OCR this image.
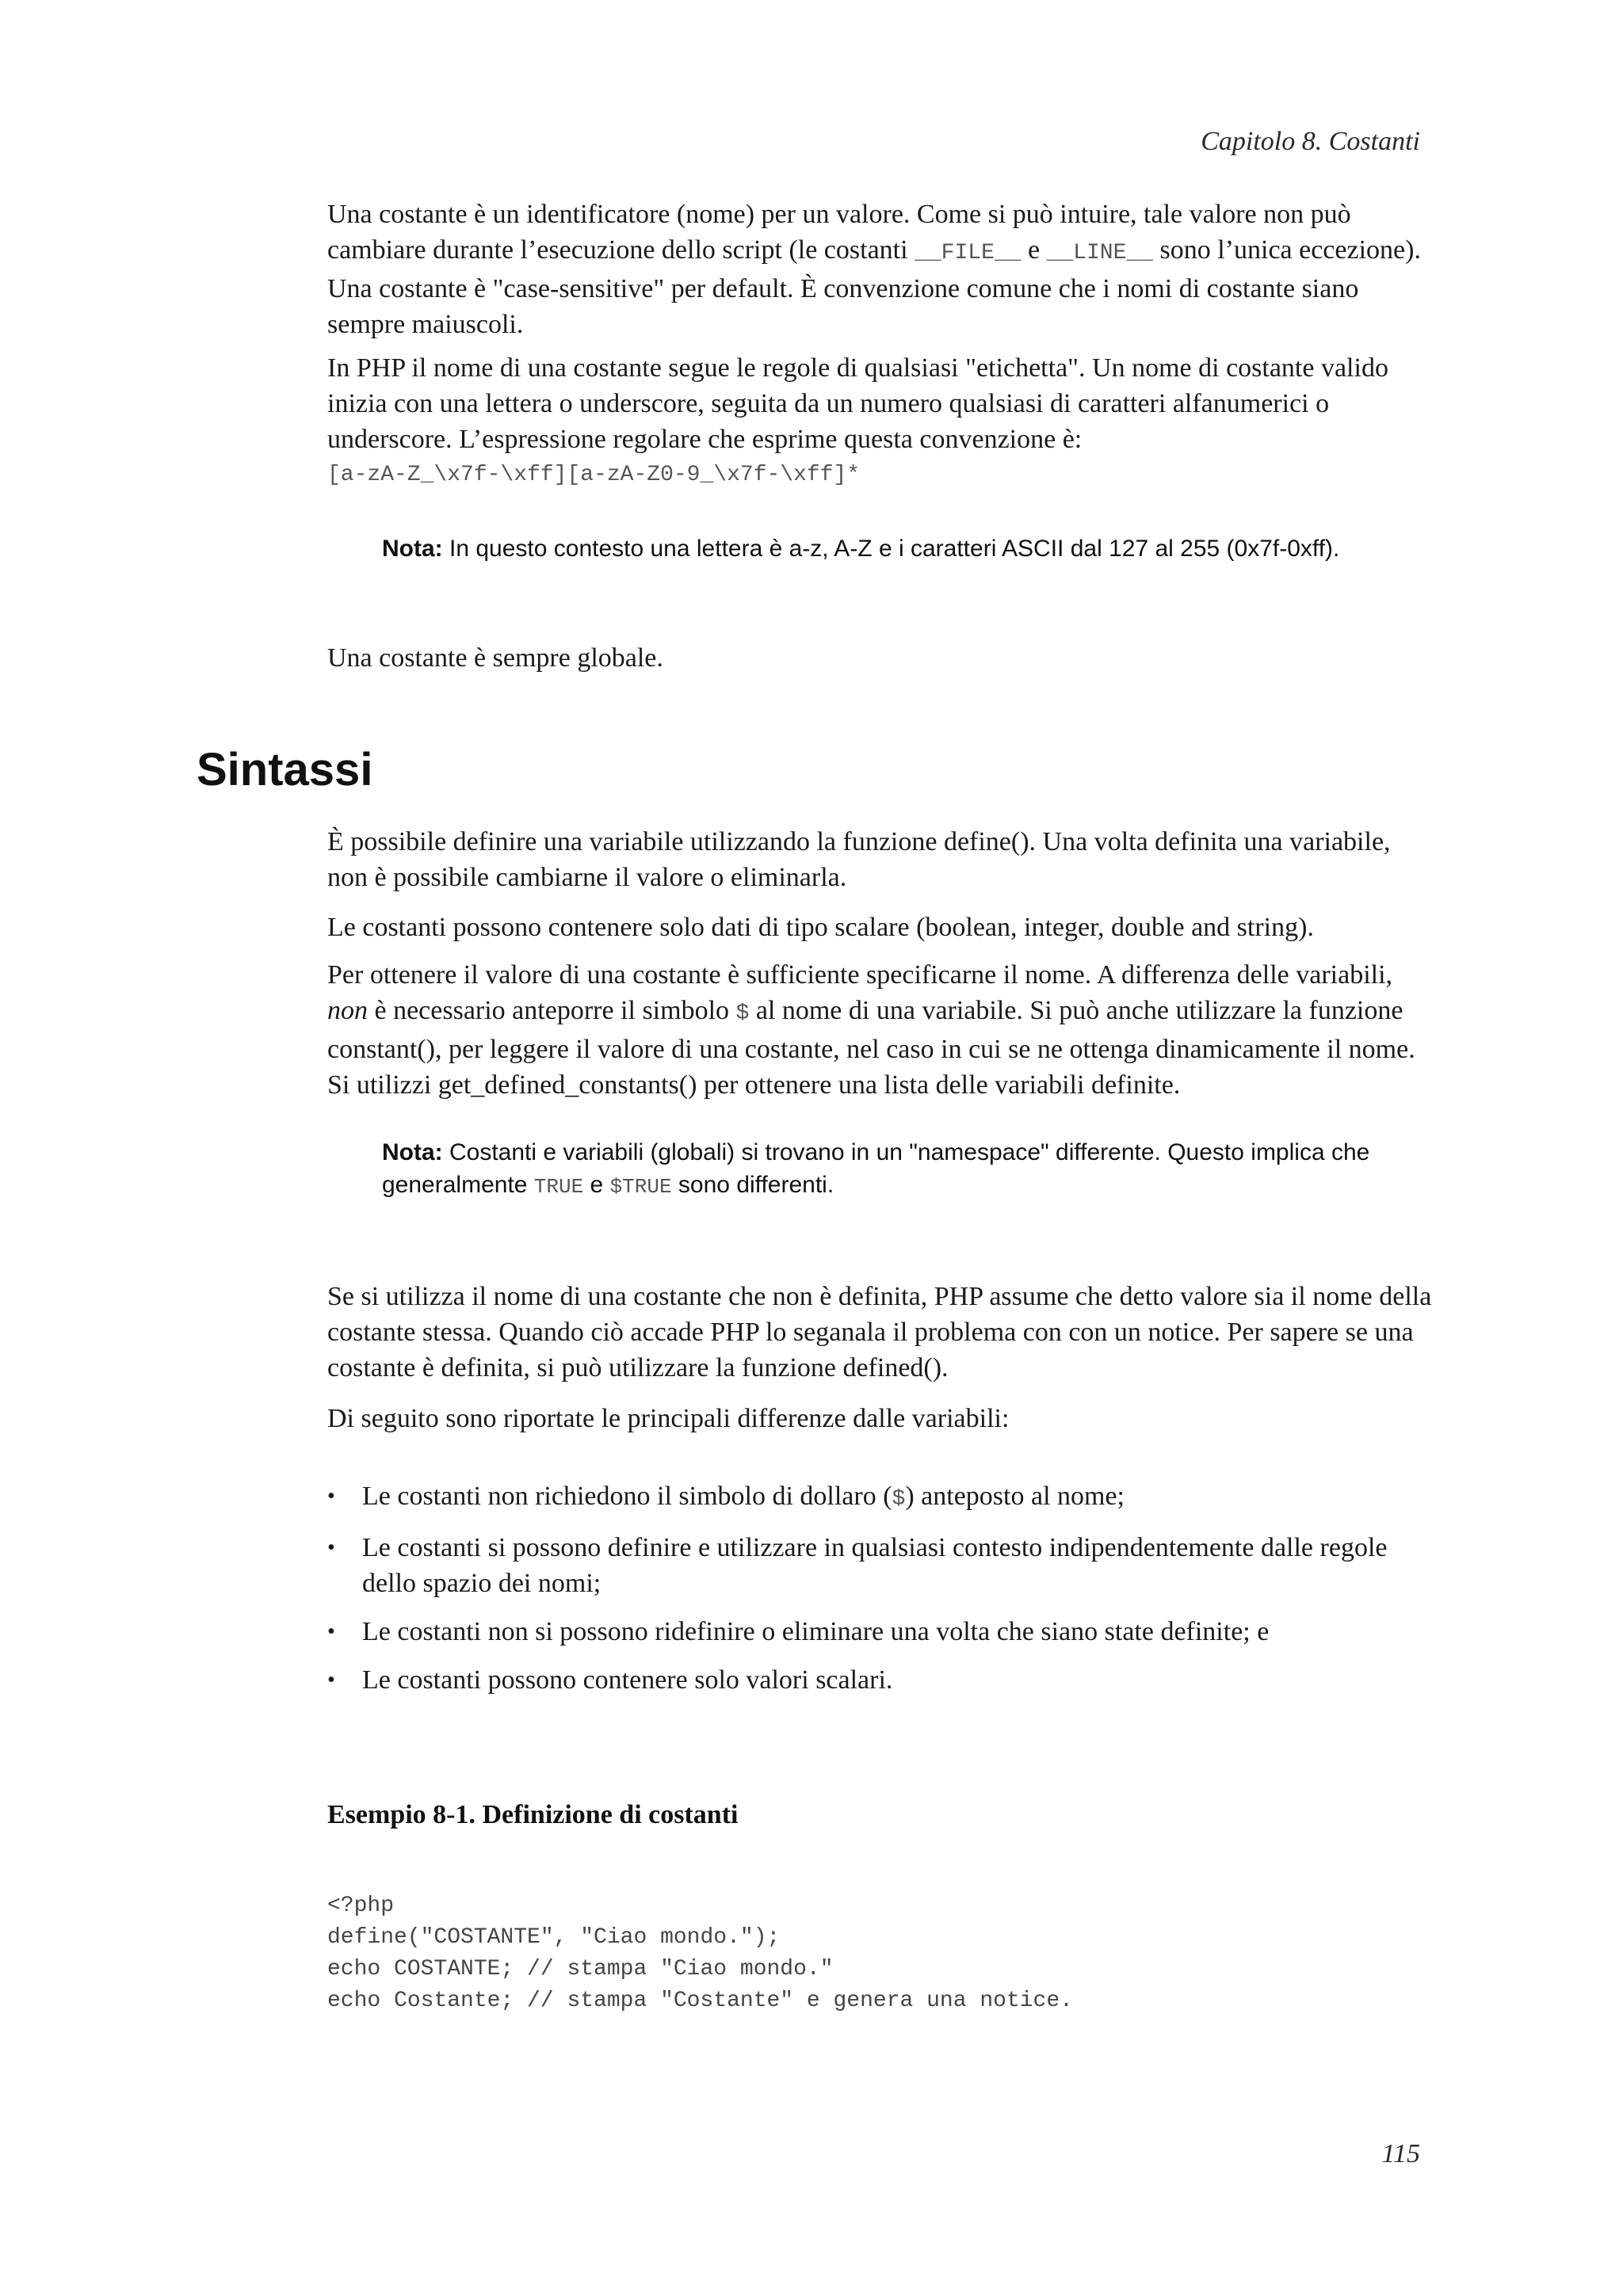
Capitolo 8. Costanti

Una costante è un identificatore (nome) per un valore. Come si può intuire, tale valore non può cambiare durante l’esecuzione dello script (le costanti __FILE__ e __LINE__ sono l’unica eccezione). Una costante è "case-sensitive" per default. È convenzione comune che i nomi di costante siano sempre maiuscoli.

In PHP il nome di una costante segue le regole di qualsiasi "etichetta". Un nome di costante valido inizia con una lettera o underscore, seguita da un numero qualsiasi di caratteri alfanumerici o underscore. L’espressione regolare che esprime questa convenzione è:

[a-zA-Z_\x7f-\xff][a-zA-Z0-9_\x7f-\xff]*
Nota: In questo contesto una lettera è a-z, A-Z e i caratteri ASCII dal 127 al 255 (0x7f-0xff).

Una costante è sempre globale.

Sintassi

È possibile definire una variabile utilizzando la funzione define(). Una volta definita una variabile, non è possibile cambiarne il valore o eliminarla.

Le costanti possono contenere solo dati di tipo scalare (boolean, integer, double and string).

Per ottenere il valore di una costante è sufficiente specificarne il nome. A differenza delle variabili, non è necessario anteporre il simbolo $ al nome di una variabile. Si può anche utilizzare la funzione constant(), per leggere il valore di una costante, nel caso in cui se ne ottenga dinamicamente il nome. Si utilizzi get_defined_constants() per ottenere una lista delle variabili definite.

Nota: Costanti e variabili (globali) si trovano in un "namespace" differente. Questo implica che generalmente TRUE e $TRUE sono differenti.

Se si utilizza il nome di una costante che non è definita, PHP assume che detto valore sia il nome della costante stessa. Quando ciò accade PHP lo seganala il problema con con un notice. Per sapere se una costante è definita, si può utilizzare la funzione defined().

Di seguito sono riportate le principali differenze dalle variabili:

•	Le costanti non richiedono il simbolo di dollaro ($) anteposto al nome;
•	Le costanti si possono definire e utilizzare in qualsiasi contesto indipendentemente dalle regole dello spazio dei nomi;
•	Le costanti non si possono ridefinire o eliminare una volta che siano state definite; e
•	Le costanti possono contenere solo valori scalari.
Esempio 8-1. Definizione di costanti
<?php
define("COSTANTE", "Ciao mondo.");
echo COSTANTE; // stampa "Ciao mondo."
echo Costante; // stampa "Costante" e genera una notice.
115
